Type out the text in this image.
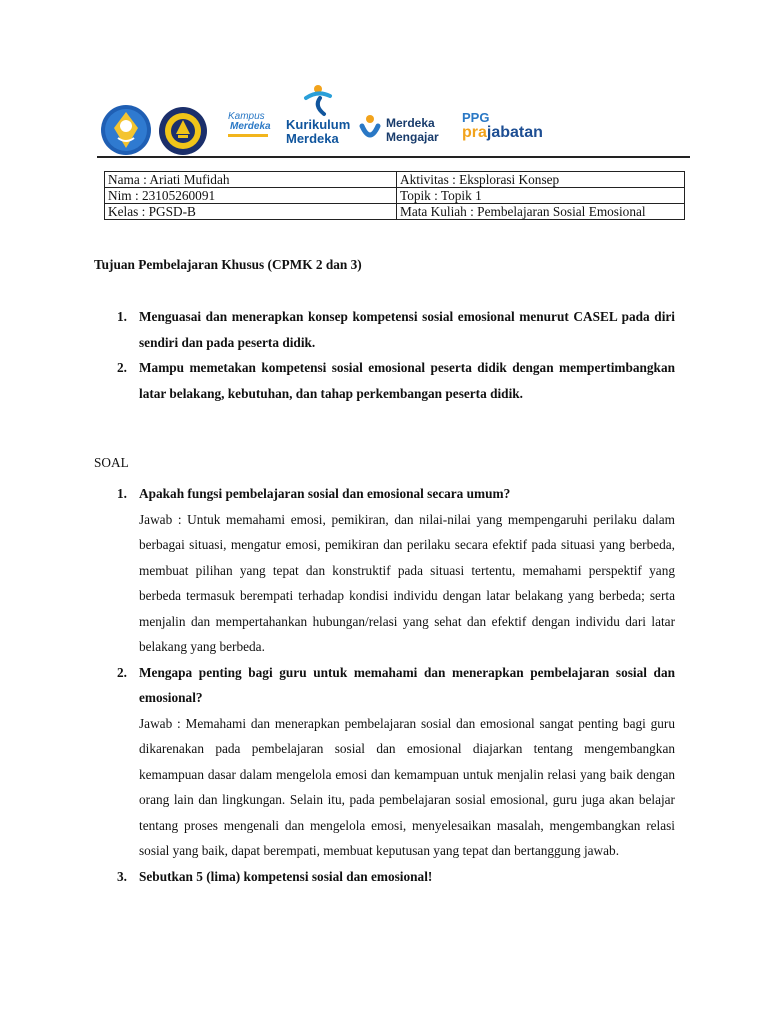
Kampus
Merdeka	Kurikulum
Merdeka
Merdeka
Mengajar
PPG
prajabatan
Nama : Ariati Mufidah	Aktivitas : Eksplorasi Konsep
Nim : 23105260091	Topik : Topik 1
Kelas : PGSD-B	Mata Kuliah : Pembelajaran Sosial Emosional
Tujuan Pembelajaran Khusus (CPMK 2 dan 3)
1. Menguasai dan menerapkan konsep kompetensi sosial emosional menurut CASEL pada diri sendiri dan pada peserta didik.
2. Mampu memetakan kompetensi sosial emosional peserta didik dengan mempertimbangkan latar belakang, kebutuhan, dan tahap perkembangan peserta didik.
SOAL
1. Apakah fungsi pembelajaran sosial dan emosional secara umum?
Jawab : Untuk memahami emosi, pemikiran, dan nilai-nilai yang mempengaruhi perilaku dalam berbagai situasi, mengatur emosi, pemikiran dan perilaku secara efektif pada situasi yang berbeda, membuat pilihan yang tepat dan konstruktif pada situasi tertentu, memahami perspektif yang berbeda termasuk berempati terhadap kondisi individu dengan latar belakang yang berbeda; serta menjalin dan mempertahankan hubungan/relasi yang sehat dan efektif dengan individu dari latar belakang yang berbeda.
2. Mengapa penting bagi guru untuk memahami dan menerapkan pembelajaran sosial dan emosional?
Jawab : Memahami dan menerapkan pembelajaran sosial dan emosional sangat penting bagi guru dikarenakan pada pembelajaran sosial dan emosional diajarkan tentang mengembangkan kemampuan dasar dalam mengelola emosi dan kemampuan untuk menjalin relasi yang baik dengan orang lain dan lingkungan. Selain itu, pada pembelajaran sosial emosional, guru juga akan belajar tentang proses mengenali dan mengelola emosi, menyelesaikan masalah, mengembangkan relasi sosial yang baik, dapat berempati, membuat keputusan yang tepat dan bertanggung jawab.
3. Sebutkan 5 (lima) kompetensi sosial dan emosional!
